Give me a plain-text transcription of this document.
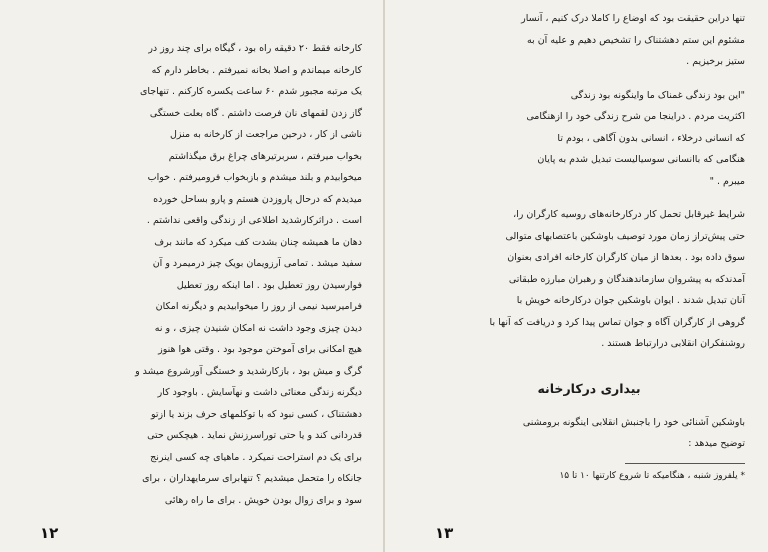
کارخانه فقط ۲۰ دقیقه راه بود ، گیگاه برای چند روز در

کارخانه میماندم و اصلا بخانه نمیرفتم . بخاطر دارم که

یک مرتبه مجبور شدم ۶۰ ساعت یکسره کارکنم . تنهاجای

گاز زدن لقمهای نان فرصت داشتم . گاه بعلت خستگی

ناشی از کار ، درحین مراجعت از کارخانه به منزل

بخواب میرفتم ، سربرتیرهای چراغ برق میگذاشتم

میخوابیدم و بلند میشدم و بازبخواب فرومیرفتم . خواب

میدیدم که درحال پاروزدن هستم و پارو بساحل خورده

است . دراثرکارشدید اطلاعی از زندگی واقعی نداشتم .

دهان ما همیشه چنان بشدت کف میکرد که مانند برف

سفید میشد . تمامی آرزویمان بویک چیز درمیمرد و آن

فوارسیدن روز تعطیل بود . اما اینکه روز تعطیل

فرامیرسید نیمی از روز را میخوابیدیم و دیگرنه امکان

دیدن چیزی وجود داشت نه امکان شنیدن چیزی ، و نه

هیچ امکانی برای آموختن موجود بود . وقتی هوا هنوز

گرگ و میش بود ، بازکارشدید و خستگی آورشروع میشد و

دیگرنه زندگی معنائی داشت و نهآسایش . باوجود کار

دهشتناک ، کسی نبود که با توکلمهای حرف بزند یا ازتو

قدردانی کند و یا حتی توراسرزنش نماید . هیچکس حتی

برای یک دم استراحت نمیکرد . ماهیای چه کسی اینرنج

جانکاه را متحمل میشدیم ؟ تنهابرای سرمایهداران ، برای

سود و برای زوال بودن خویش . برای ما راه رهائی

۱۲

تنها دراین حقیقت بود که اوضاع را کاملا درک کنیم ، آنسار

مشئوم این ستم دهشتناک را تشخیص دهیم و علیه آن به

ستیز برخیزیم .

"این بود زندگی غمناک ما واینگونه بود زندگی

اکثریت مردم . دراینجا من شرح زندگی خود را ازهنگامی

که انسانی درخلاء ، انسانی بدون آگاهی ، بودم تا

هنگامی که باانسانی سوسیالیست تبدیل شدم به پایان

میبرم . "

شرایط غیرقابل تحمل کار درکارخانه‌های روسیه کارگران را،

حتی پیش‌تراز زمان مورد توصیف باوشکین باعتصابهای متوالی

سوق داده بود . بعدها از میان کارگران کارخانه افرادی بعنوان

آمدندکه به پیشروان سازماندهندگان و رهبران مبارزه‌ طبقاتی

آنان تبدیل شدند . ایوان باوشکین جوان درکارخانه خویش با

گروهی از کارگران آگاه و جوان تماس پیدا کرد و دریافت که آنها با

روشنفکران انقلابی درارتباط هستند .

بیداری درکارخانه

باوشکین آشنائی خود را باجنبش انقلابی اینگونه برومشنی

توضیح میدهد :

* یلفروز شنبه ، هنگامیکه تا شروع کارتنها ۱۰ تا ۱۵

۱۳
